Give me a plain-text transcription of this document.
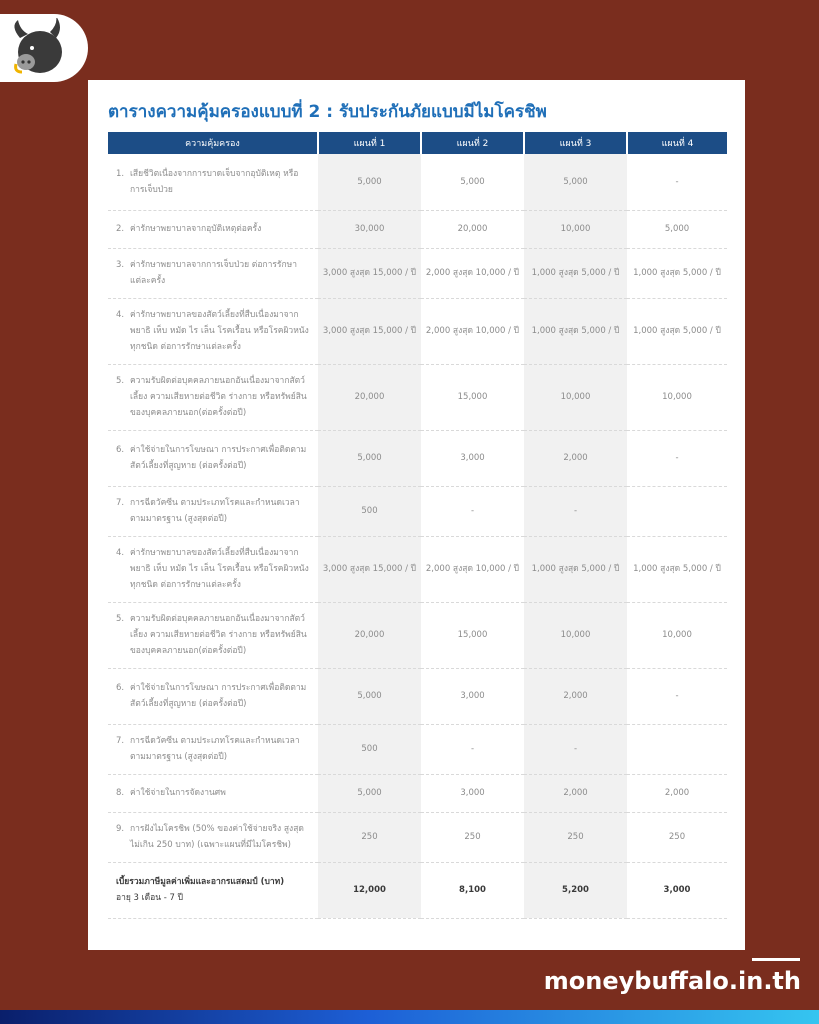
ตารางความคุ้มครองแบบที่ 2 : รับประกันภัยแบบมีไมโครชิพ
ความคุ้มครอง	แผนที่ 1	แผนที่ 2	แผนที่ 3	แผนที่ 4
1. เสียชีวิตเนื่องจากการบาดเจ็บจากอุบัติเหตุ หรือการเจ็บป่วย	5,000	5,000	5,000	-
2. ค่ารักษาพยาบาลจากอุบัติเหตุต่อครั้ง	30,000	20,000	10,000	5,000
3. ค่ารักษาพยาบาลจากการเจ็บป่วย ต่อการรักษาแต่ละครั้ง	3,000 สูงสุด 15,000 / ปี	2,000 สูงสุด 10,000 / ปี	1,000 สูงสุด 5,000 / ปี	1,000 สูงสุด 5,000 / ปี
4. ค่ารักษาพยาบาลของสัตว์เลี้ยงที่สืบเนื่องมาจากพยาธิ เห็บ หมัด ไร เล็น โรคเรื้อน หรือโรคผิวหนังทุกชนิด ต่อการรักษาแต่ละครั้ง	3,000 สูงสุด 15,000 / ปี	2,000 สูงสุด 10,000 / ปี	1,000 สูงสุด 5,000 / ปี	1,000 สูงสุด 5,000 / ปี
5. ความรับผิดต่อบุคคลภายนอกอันเนื่องมาจากสัตว์เลี้ยง ความเสียหายต่อชีวิต ร่างกาย หรือทรัพย์สิน ของบุคคลภายนอก(ต่อครั้งต่อปี)	20,000	15,000	10,000	10,000
6. ค่าใช้จ่ายในการโฆษณา การประกาศเพื่อติดตามสัตว์เลี้ยงที่สูญหาย (ต่อครั้งต่อปี)	5,000	3,000	2,000	-
7. การฉีดวัคซีน ตามประเภทโรคและกำหนดเวลาตามมาตรฐาน (สูงสุดต่อปี)	500	-	-	
4. ค่ารักษาพยาบาลของสัตว์เลี้ยงที่สืบเนื่องมาจากพยาธิ เห็บ หมัด ไร เล็น โรคเรื้อน หรือโรคผิวหนังทุกชนิด ต่อการรักษาแต่ละครั้ง	3,000 สูงสุด 15,000 / ปี	2,000 สูงสุด 10,000 / ปี	1,000 สูงสุด 5,000 / ปี	1,000 สูงสุด 5,000 / ปี
5. ความรับผิดต่อบุคคลภายนอกอันเนื่องมาจากสัตว์เลี้ยง ความเสียหายต่อชีวิต ร่างกาย หรือทรัพย์สิน ของบุคคลภายนอก(ต่อครั้งต่อปี)	20,000	15,000	10,000	10,000
6. ค่าใช้จ่ายในการโฆษณา การประกาศเพื่อติดตามสัตว์เลี้ยงที่สูญหาย (ต่อครั้งต่อปี)	5,000	3,000	2,000	-
7. การฉีดวัคซีน ตามประเภทโรคและกำหนดเวลาตามมาตรฐาน (สูงสุดต่อปี)	500	-	-	
8. ค่าใช้จ่ายในการจัดงานศพ	5,000	3,000	2,000	2,000
9. การฝังไมโครชิพ (50% ของค่าใช้จ่ายจริง สูงสุดไม่เกิน 250 บาท) (เฉพาะแผนที่มีไมโครชิพ)	250	250	250	250

เบี้ยรวมภาษีมูลค่าเพิ่มและอากรแสตมป์ (บาท)
อายุ 3 เดือน - 7 ปี	12,000	8,100	5,200	3,000
moneybuffalo.in.th
